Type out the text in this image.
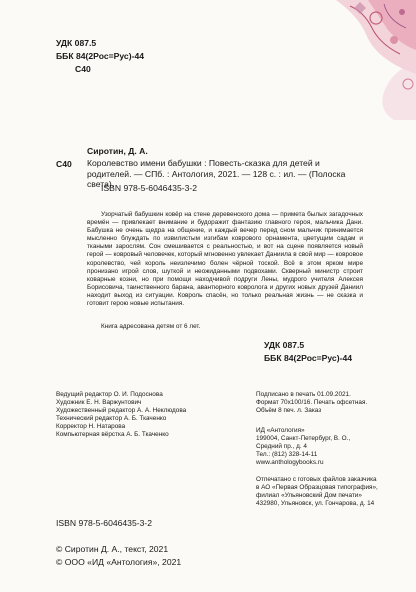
УДК 087.5
ББК 84(2Рос=Рус)-44
С40
Сиротин, Д. А.
С40 Королевство имени бабушки : Повесть-сказка для детей и родителей. — СПб. : Антология, 2021. — 128 с. : ил. — (Полоска света).

ISBN 978-5-6046435-3-2

Узорчатый бабушкин ковёр на стене деревенского дома — примета былых загадочных времён — привлекает внимание и будоражит фантазию главного героя, мальчика Дани. Бабушка не очень щедра на общение, и каждый вечер перед сном мальчик принимается мысленно блуждать по извилистым изгибам коврового орнамента, цветущим садам и ткаными зарослям. Сон смешивается с реальностью, и вот на сцене появляется новый герой — ковровый человечек, который мгновенно увлекает Даниила в свой мир — ковровое королевство, чей король неизлечимо болен чёрной тоской. Всё в этом ярком мире пронизано игрой слов, шуткой и неожиданными подвохами. Скверный министр строит коварные козни, но при помощи находчивой подруги Лены, мудрого учителя Алексея Борисовича, таинственного барана, авантюрного коврологa и других новых друзей Даниил находит выход из ситуации. Ковроль спасён, но только реальная жизнь — не сказка и готовит герою новые испытания.

Книга адресована детям от 6 лет.

УДК 087.5
ББК 84(2Рос=Рус)-44
Ведущий редактор О. И. Подоснова
Художник Е. Н. Варжунтович
Художественный редактор А. А. Неклюдова
Технический редактор А. Б. Ткаченко
Корректор Н. Натарова
Компьютерная вёрстка А. Б. Ткаченко
Подписано в печать 01.09.2021.
Формат 70х100/16. Печать офсетная.
Объём 8 печ. л. Заказ
ИД «Антология»
199004, Санкт-Петербург, В. О.,
Средний пр., д. 4
Тел.: (812) 328-14-11
www.anthologybooks.ru
Отпечатано с готовых файлов заказчика
в АО «Первая Образцовая типография»,
филиал «Ульяновский Дом печати»
432980, Ульяновск, ул. Гончарова, д. 14
ISBN 978-5-6046435-3-2
© Сиротин Д. А., текст, 2021
© ООО «ИД «Антология», 2021
